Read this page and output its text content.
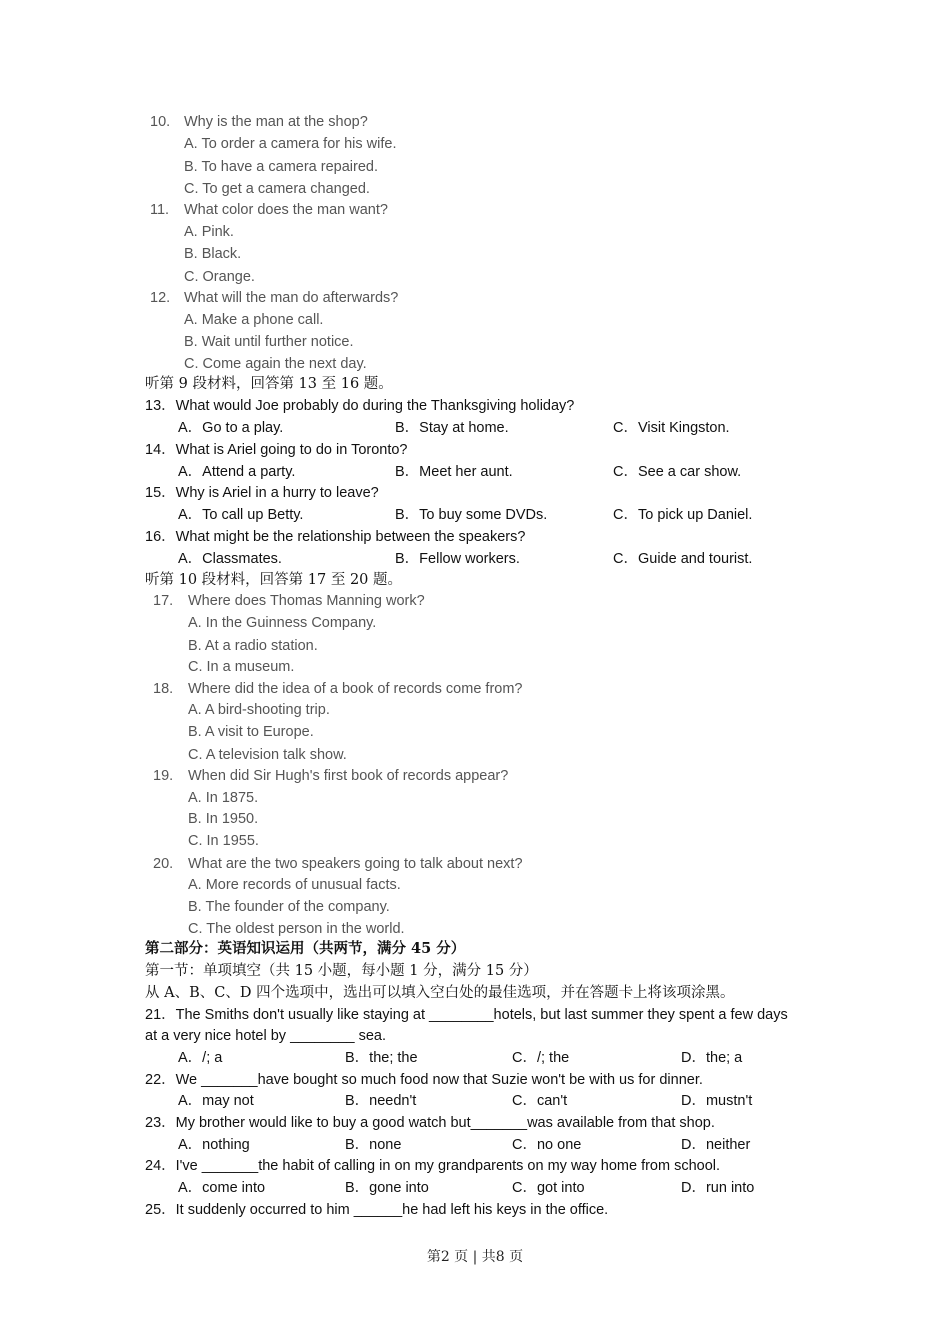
10. Why is the man at the shop?
A. To order a camera for his wife.
B. To have a camera repaired.
C. To get a camera changed.
11. What color does the man want?
A. Pink.
B. Black.
C. Orange.
12. What will the man do afterwards?
A. Make a phone call.
B. Wait until further notice.
C. Come again the next day.
听第 9 段材料，回答第 13 至 16 题。
13．What would Joe probably do during the Thanksgiving holiday?
A．Go to a play.	B．Stay at home.	C．Visit Kingston.
14．What is Ariel going to do in Toronto?
A．Attend a party.	B．Meet her aunt.	C．See a car show.
15．Why is Ariel in a hurry to leave?
A．To call up Betty.	B．To buy some DVDs.	C．To pick up Daniel.
16．What might be the relationship between the speakers?
A．Classmates.	B．Fellow workers.	C．Guide and tourist.
听第 10 段材料，回答第 17 至 20 题。
17. Where does Thomas Manning work?
A. In the Guinness Company.
B. At a radio station.
C. In a museum.
18. Where did the idea of a book of records come from?
A. A bird-shooting trip.
B. A visit to Europe.
C. A television talk show.
19. When did Sir Hugh's first book of records appear?
A. In 1875.
B. In 1950.
C. In 1955.
20. What are the two speakers going to talk about next?
A. More records of unusual facts.
B. The founder of the company.
C. The oldest person in the world.
第二部分：英语知识运用（共两节，满分 45 分）
第一节：单项填空（共 15 小题，每小题 1 分，满分 15 分）
从 A、B、C、D 四个选项中，选出可以填入空白处的最佳选项，并在答题卡上将该项涂黑。
21．The Smiths don't usually like staying at ________hotels, but last summer they spent a few days
at a very nice hotel by ________ sea.
A．/; a	B．the; the	C．/; the	D．the; a
22．We _______have bought so much food now that Suzie won't be with us for dinner.
A．may not	B．needn't	C．can't	D．mustn't
23．My brother would like to buy a good watch but_______was available from that shop.
A．nothing	B．none	C．no one	D．neither
24．I've _______the habit of calling in on my grandparents on my way home from school.
A．come into	B．gone into	C．got into	D．run into
25．It suddenly occurred to him ______he had left his keys in the office.
第2 页 | 共8 页
